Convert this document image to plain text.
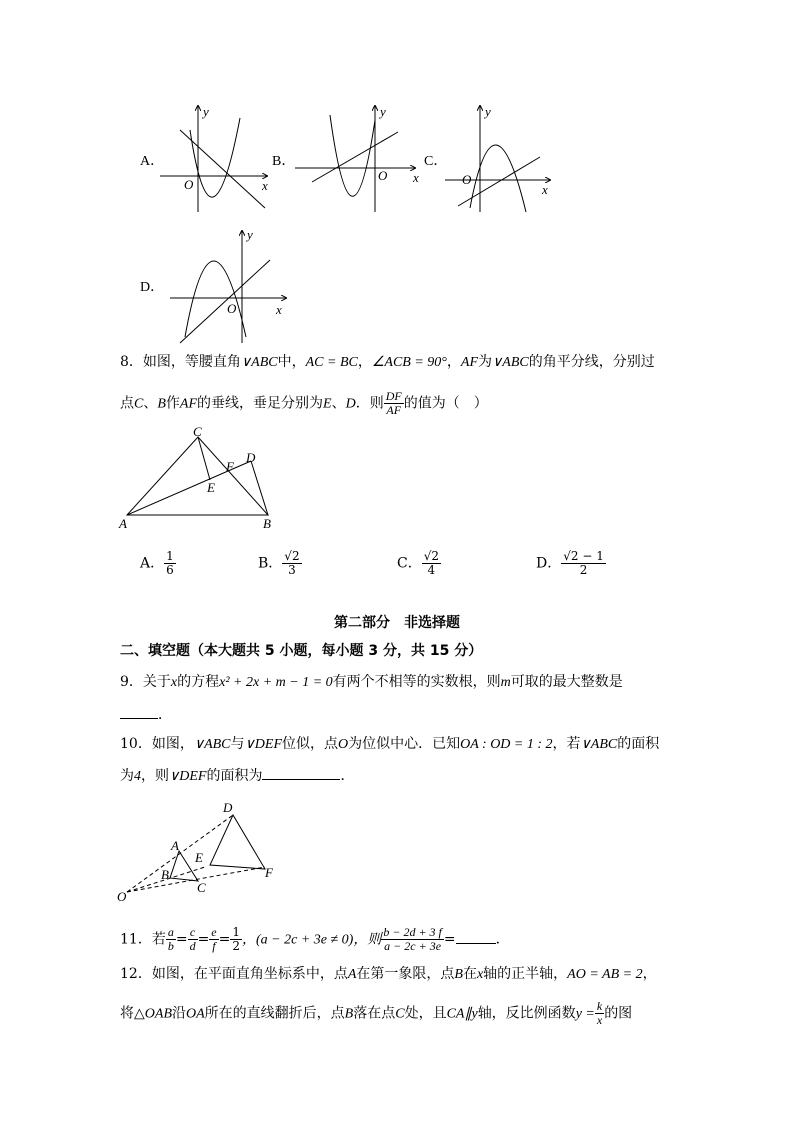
A．
y
x
O
B．
y
x
O
C．
y
x
O
D．
y
x
O
8．如图，等腰直角∨ABC中，AC = BC，∠ACB = 90°，AF为∨ABC的角平分线，分别过
点C、B作AF的垂线，垂足分别为E、D．则 $\frac{DF}{AF}$ 的值为（　）
C
F
D
E
A	B
A． $\frac{1}{6}$	B． $\frac{√2}{3}$	C． $\frac{√2}{4}$	D． $\frac{√2 - 1}{2}$
第二部分　非选择题
二、填空题（本大题共 5 小题，每小题 3 分，共 15 分）
9．关于x的方程x² + 2x + m − 1 = 0有两个不相等的实数根，则m可取的最大整数是
．
10．如图，∨ABC与∨DEF位似，点O为位似中心．已知OA : OD = 1 : 2，若∨ABC的面积
为4，则∨DEF的面积为	．
D
A
E
B
C
F
O
11．若 $\frac{a}{b} = \frac{c}{d} = \frac{e}{f} = \frac{1}{2}$ ，(a − 2c + 3e ≠ 0)，则 $\frac{b - 2d + 3 f}{a - 2c + 3e}$ =	．
12．如图，在平面直角坐标系中，点A在第一象限，点B在x轴的正半轴，AO = AB = 2，
将△OAB沿OA所在的直线翻折后，点B落在点C处，且CA∥y轴，反比例函数$y = \frac{k}{x}$ 的图
